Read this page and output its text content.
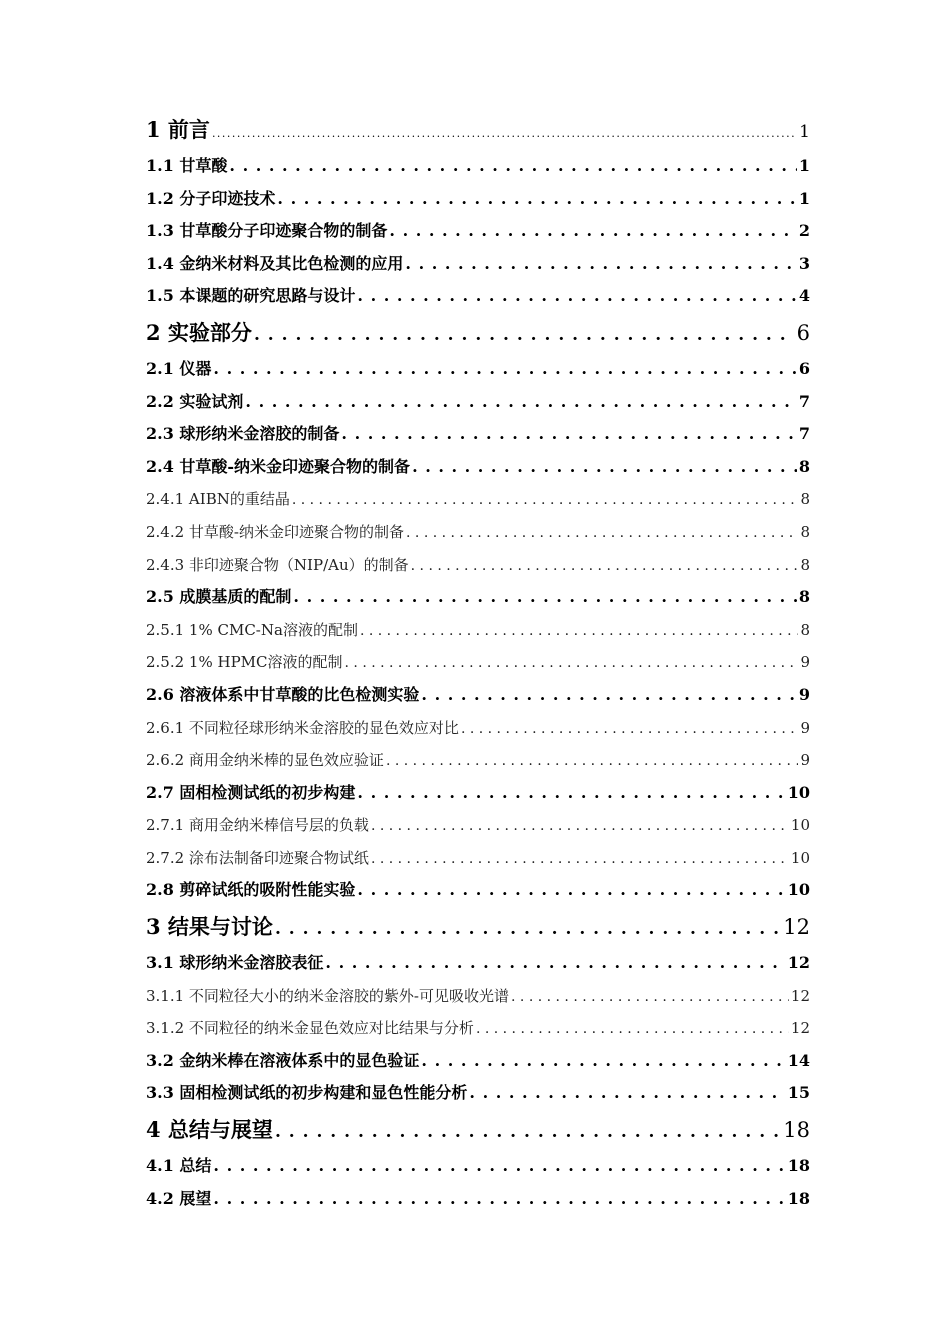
1 前言 . . .	1
1.1 甘草酸 . . .	1
1.2 分子印迹技术 . . .	1
1.3 甘草酸分子印迹聚合物的制备 . . .	2
1.4 金纳米材料及其比色检测的应用 . . .	3
1.5 本课题的研究思路与设计 . . .	4
2 实验部分 . . .	6
2.1 仪器 . . .	6
2.2 实验试剂 . . .	7
2.3 球形纳米金溶胶的制备 . . .	7
2.4 甘草酸-纳米金印迹聚合物的制备 . . .	8
2.4.1 AIBN的重结晶 . . .	8
2.4.2 甘草酸-纳米金印迹聚合物的制备 . . .	8
2.4.3 非印迹聚合物（NIP/Au）的制备 . . .	8
2.5 成膜基质的配制 . . .	8
2.5.1 1% CMC-Na溶液的配制 . . .	8
2.5.2 1% HPMC溶液的配制 . . .	9
2.6 溶液体系中甘草酸的比色检测实验 . . .	9
2.6.1 不同粒径球形纳米金溶胶的显色效应对比 . . .	9
2.6.2 商用金纳米棒的显色效应验证 . . .	9
2.7 固相检测试纸的初步构建 . . .	10
2.7.1 商用金纳米棒信号层的负载 . . .	10
2.7.2 涂布法制备印迹聚合物试纸 . . .	10
2.8 剪碎试纸的吸附性能实验 . . .	10
3 结果与讨论 . . .	12
3.1 球形纳米金溶胶表征 . . .	12
3.1.1 不同粒径大小的纳米金溶胶的紫外-可见吸收光谱 . . .	12
3.1.2 不同粒径的纳米金显色效应对比结果与分析 . . .	12
3.2 金纳米棒在溶液体系中的显色验证 . . .	14
3.3 固相检测试纸的初步构建和显色性能分析 . . .	15
4 总结与展望 . . .	18
4.1 总结 . . .	18
4.2 展望 . . .	18
